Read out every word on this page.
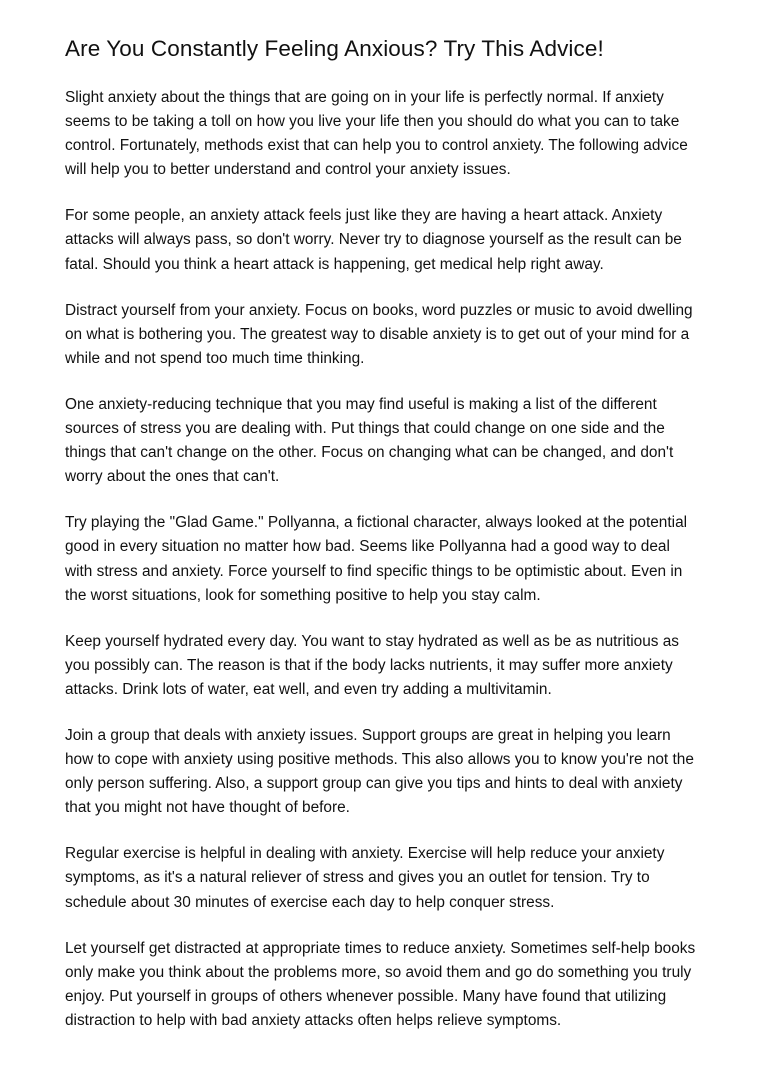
Are You Constantly Feeling Anxious? Try This Advice!

Slight anxiety about the things that are going on in your life is perfectly normal. If anxiety seems to be taking a toll on how you live your life then you should do what you can to take control. Fortunately, methods exist that can help you to control anxiety. The following advice will help you to better understand and control your anxiety issues.

For some people, an anxiety attack feels just like they are having a heart attack. Anxiety attacks will always pass, so don't worry. Never try to diagnose yourself as the result can be fatal. Should you think a heart attack is happening, get medical help right away.

Distract yourself from your anxiety. Focus on books, word puzzles or music to avoid dwelling on what is bothering you. The greatest way to disable anxiety is to get out of your mind for a while and not spend too much time thinking.

One anxiety-reducing technique that you may find useful is making a list of the different sources of stress you are dealing with. Put things that could change on one side and the things that can't change on the other. Focus on changing what can be changed, and don't worry about the ones that can't.

Try playing the "Glad Game." Pollyanna, a fictional character, always looked at the potential good in every situation no matter how bad. Seems like Pollyanna had a good way to deal with stress and anxiety. Force yourself to find specific things to be optimistic about. Even in the worst situations, look for something positive to help you stay calm.

Keep yourself hydrated every day. You want to stay hydrated as well as be as nutritious as you possibly can. The reason is that if the body lacks nutrients, it may suffer more anxiety attacks. Drink lots of water, eat well, and even try adding a multivitamin.

Join a group that deals with anxiety issues. Support groups are great in helping you learn how to cope with anxiety using positive methods. This also allows you to know you're not the only person suffering. Also, a support group can give you tips and hints to deal with anxiety that you might not have thought of before.

Regular exercise is helpful in dealing with anxiety. Exercise will help reduce your anxiety symptoms, as it's a natural reliever of stress and gives you an outlet for tension. Try to schedule about 30 minutes of exercise each day to help conquer stress.

Let yourself get distracted at appropriate times to reduce anxiety. Sometimes self-help books only make you think about the problems more, so avoid them and go do something you truly enjoy. Put yourself in groups of others whenever possible. Many have found that utilizing distraction to help with bad anxiety attacks often helps relieve symptoms.
